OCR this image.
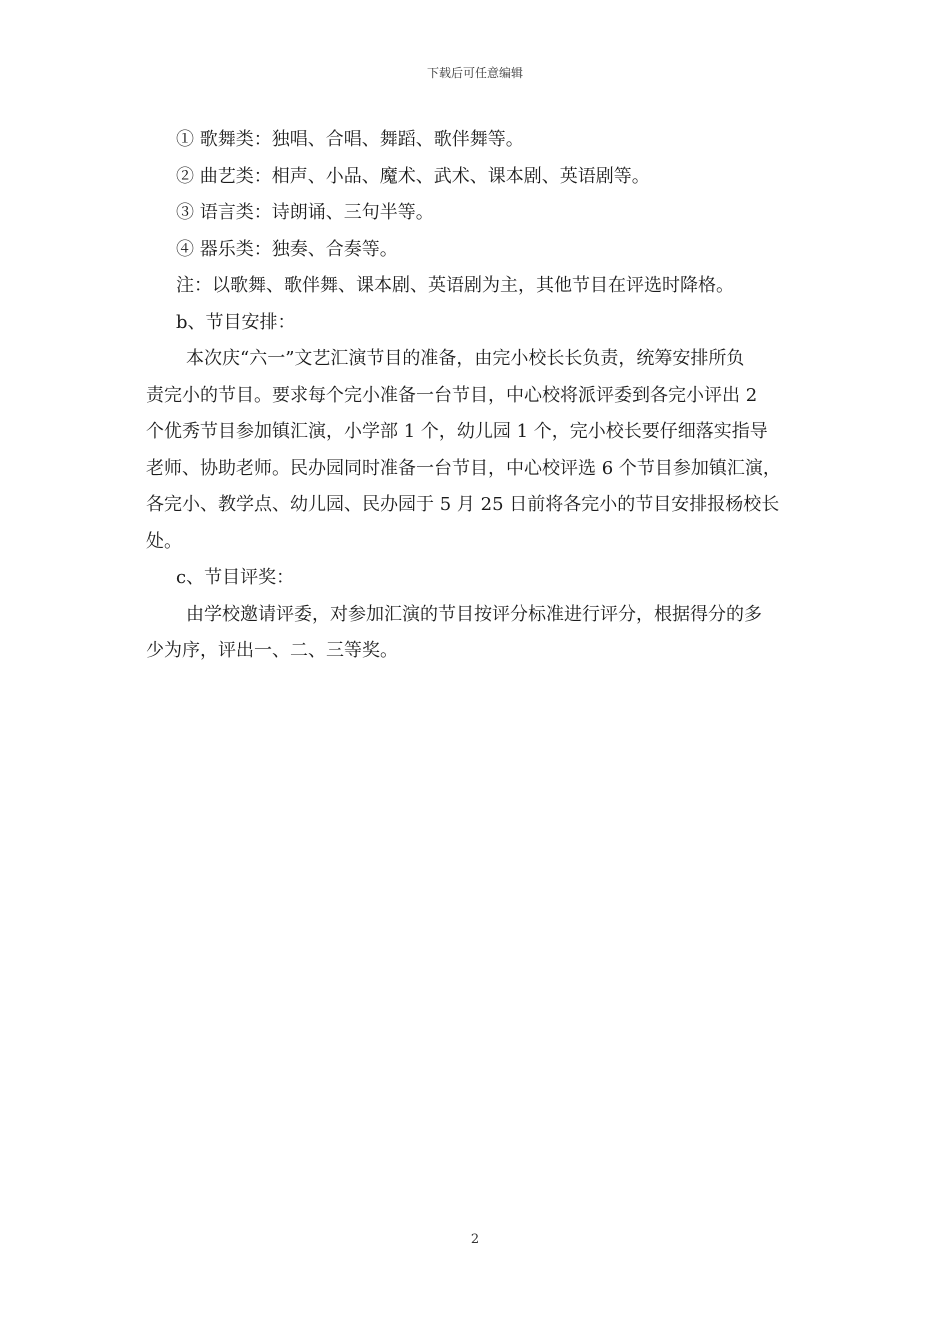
下载后可任意编辑

① 歌舞类：独唱、合唱、舞蹈、歌伴舞等。

② 曲艺类：相声、小品、魔术、武术、课本剧、英语剧等。

③ 语言类：诗朗诵、三句半等。

④ 器乐类：独奏、合奏等。

注：以歌舞、歌伴舞、课本剧、英语剧为主，其他节目在评选时降格。

b、节目安排：

本次庆“六一”文艺汇演节目的准备，由完小校长长负责，统筹安排所负

责完小的节目。要求每个完小准备一台节目，中心校将派评委到各完小评出 2

个优秀节目参加镇汇演，小学部 1 个，幼儿园 1 个，完小校长要仔细落实指导

老师、协助老师。民办园同时准备一台节目，中心校评选 6 个节目参加镇汇演，

各完小、教学点、幼儿园、民办园于 5 月 25 日前将各完小的节目安排报杨校长

处。

c、节目评奖：

由学校邀请评委，对参加汇演的节目按评分标准进行评分，根据得分的多

少为序，评出一、二、三等奖。

2
